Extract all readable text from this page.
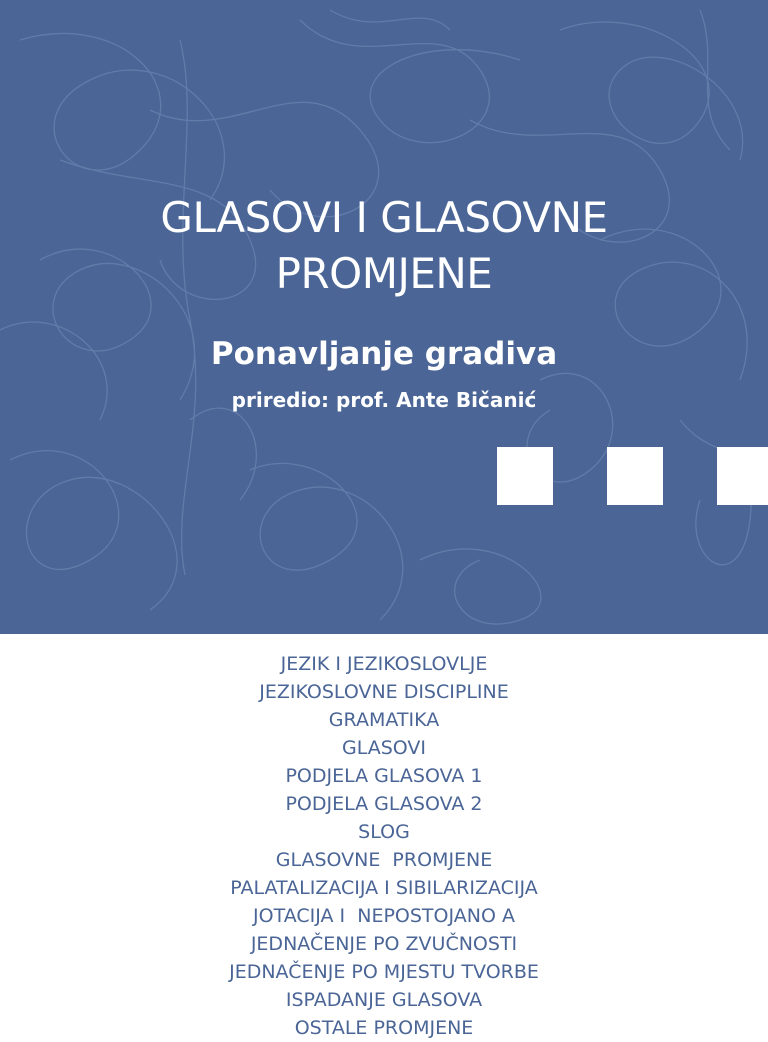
GLASOVI I GLASOVNE
PROMJENE

Ponavljanje gradiva

priredio: prof. Ante Bičanić

JEZIK I JEZIKOSLOVLJE
JEZIKOSLOVNE DISCIPLINE
GRAMATIKA
GLASOVI
PODJELA GLASOVA 1
PODJELA GLASOVA 2
SLOG
GLASOVNE  PROMJENE
PALATALIZACIJA I SIBILARIZACIJA
JOTACIJA I  NEPOSTOJANO A
JEDNAČENJE PO ZVUČNOSTI
JEDNAČENJE PO MJESTU TVORBE
ISPADANJE GLASOVA
OSTALE PROMJENE
